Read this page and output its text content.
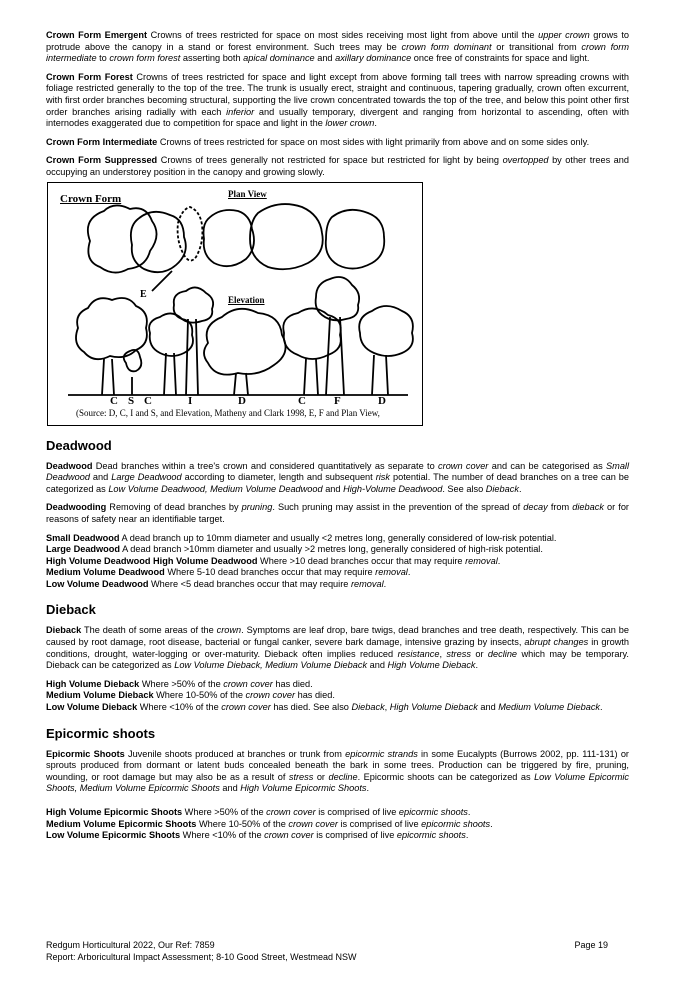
Crown Form Emergent Crowns of trees restricted for space on most sides receiving most light from above until the upper crown grows to protrude above the canopy in a stand or forest environment. Such trees may be crown form dominant or transitional from crown form intermediate to crown form forest asserting both apical dominance and axillary dominance once free of constraints for space and light.

Crown Form Forest Crowns of trees restricted for space and light except from above forming tall trees with narrow spreading crowns with foliage restricted generally to the top of the tree. The trunk is usually erect, straight and continuous, tapering gradually, crown often excurrent, with first order branches becoming structural, supporting the live crown concentrated towards the top of the tree, and below this point other first order branches arising radially with each inferior and usually temporary, divergent and ranging from horizontal to ascending, often with internodes exaggerated due to competition for space and light in the lower crown.

Crown Form Intermediate Crowns of trees restricted for space on most sides with light primarily from above and on some sides only.

Crown Form Suppressed Crowns of trees generally not restricted for space but restricted for light by being overtopped by other trees and occupying an understorey position in the canopy and growing slowly.

Crown Form	Plan View
Elevation
E
C S C	I	D	C	F	D
(Source: D, C, I and S, and Elevation, Matheny and Clark 1998, E, F and Plan View,
Deadwood

Deadwood Dead branches within a tree's crown and considered quantitatively as separate to crown cover and can be categorised as Small Deadwood and Large Deadwood according to diameter, length and subsequent risk potential. The number of dead branches on a tree can be categorized as Low Volume Deadwood, Medium Volume Deadwood and High-Volume Deadwood. See also Dieback.

Deadwooding Removing of dead branches by pruning. Such pruning may assist in the prevention of the spread of decay from dieback or for reasons of safety near an identifiable target.

Small Deadwood A dead branch up to 10mm diameter and usually <2 metres long, generally considered of low-risk potential.

Large Deadwood A dead branch >10mm diameter and usually >2 metres long, generally considered of high-risk potential.

High Volume Deadwood High Volume Deadwood Where >10 dead branches occur that may require removal.

Medium Volume Deadwood Where 5-10 dead branches occur that may require removal.

Low Volume Deadwood Where <5 dead branches occur that may require removal.

Dieback

Dieback The death of some areas of the crown. Symptoms are leaf drop, bare twigs, dead branches and tree death, respectively. This can be caused by root damage, root disease, bacterial or fungal canker, severe bark damage, intensive grazing by insects, abrupt changes in growth conditions, drought, water-logging or over-maturity. Dieback often implies reduced resistance, stress or decline which may be temporary. Dieback can be categorized as Low Volume Dieback, Medium Volume Dieback and High Volume Dieback.

High Volume Dieback Where >50% of the crown cover has died.

Medium Volume Dieback Where 10-50% of the crown cover has died.

Low Volume Dieback Where <10% of the crown cover has died. See also Dieback, High Volume Dieback and Medium Volume Dieback.

Epicormic shoots

Epicormic Shoots Juvenile shoots produced at branches or trunk from epicormic strands in some Eucalypts (Burrows 2002, pp. 111-131) or sprouts produced from dormant or latent buds concealed beneath the bark in some trees. Production can be triggered by fire, pruning, wounding, or root damage but may also be as a result of stress or decline. Epicormic shoots can be categorized as Low Volume Epicormic Shoots, Medium Volume Epicormic Shoots and High Volume Epicormic Shoots.

High Volume Epicormic Shoots Where >50% of the crown cover is comprised of live epicormic shoots.

Medium Volume Epicormic Shoots Where 10-50% of the crown cover is comprised of live epicormic shoots.

Low Volume Epicormic Shoots Where <10% of the crown cover is comprised of live epicormic shoots.

Redgum Horticultural 2022, Our Ref: 7859
Report: Arboricultural Impact Assessment; 8-10 Good Street, Westmead NSW
Page 19
